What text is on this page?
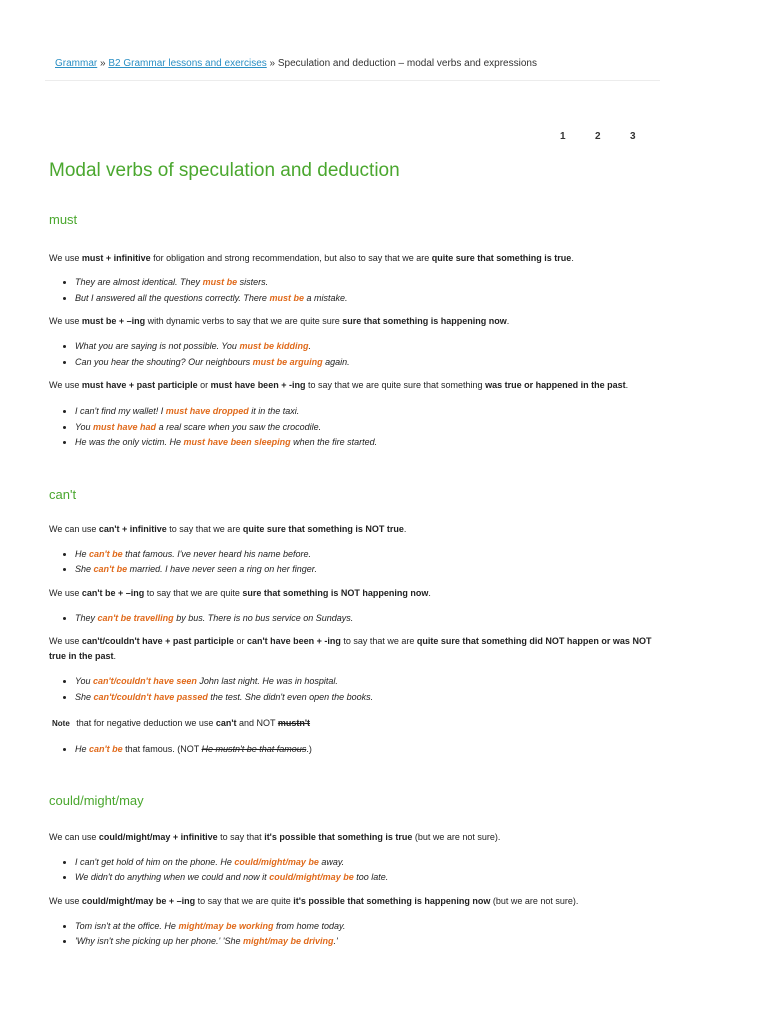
Grammar » B2 Grammar lessons and exercises » Speculation and deduction – modal verbs and expressions
1	2	3
Modal verbs of speculation and deduction
must

We use must + infinitive for obligation and strong recommendation, but also to say that we are quite sure that something is true.

• They are almost identical. They must be sisters.
• But I answered all the questions correctly. There must be a mistake.

We use must be + –ing with dynamic verbs to say that we are quite sure sure that something is happening now.

• What you are saying is not possible. You must be kidding.
• Can you hear the shouting? Our neighbours must be arguing again.

We use must have + past participle or must have been + -ing to say that we are quite sure that something was true or happened in the past.

• I can't find my wallet! I must have dropped it in the taxi.
• You must have had a real scare when you saw the crocodile.
• He was the only victim. He must have been sleeping when the fire started.
can't

We can use can't + infinitive to say that we are quite sure that something is NOT true.

• He can't be that famous. I've never heard his name before.
• She can't be married. I have never seen a ring on her finger.

We use can't be + –ing to say that we are quite sure that something is NOT happening now.

• They can't be travelling by bus. There is no bus service on Sundays.

We use can't/couldn't have + past participle or can't have been + -ing to say that we are quite sure that something did NOT happen or was NOT true in the past.

• You can't/couldn't have seen John last night. He was in hospital.
• She can't/couldn't have passed the test. She didn't even open the books.

Note that for negative deduction we use can't and NOT mustn't

• He can't be that famous. (NOT He mustn't be that famous.)
could/might/may

We can use could/might/may + infinitive to say that it's possible that something is true (but we are not sure).

• I can't get hold of him on the phone. He could/might/may be away.
• We didn't do anything when we could and now it could/might/may be too late.

We use could/might/may be + –ing to say that we are quite it's possible that something is happening now (but we are not sure).

• Tom isn't at the office. He might/may be working from home today.
• 'Why isn't she picking up her phone.' 'She might/may be driving.'
